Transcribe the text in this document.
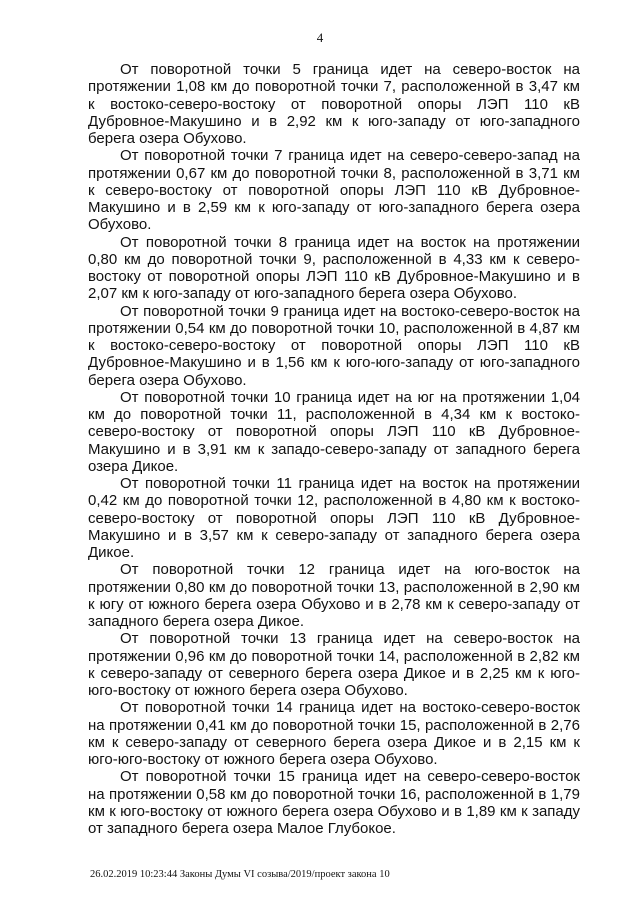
4

От поворотной точки 5 граница идет на северо-восток на протяжении 1,08 км до поворотной точки 7, расположенной в 3,47 км к востоко-северо-востоку от поворотной опоры ЛЭП 110 кВ Дубровное-Макушино и в 2,92 км к юго-западу от юго-западного берега озера Обухово.

От поворотной точки 7 граница идет на северо-северо-запад на протяжении 0,67 км до поворотной точки 8, расположенной в 3,71 км к северо-востоку от поворотной опоры ЛЭП 110 кВ Дубровное-Макушино и в 2,59 км к юго-западу от юго-западного берега озера Обухово.

От поворотной точки 8 граница идет на восток на протяжении 0,80 км до поворотной точки 9, расположенной в 4,33 км к северо-востоку от поворотной опоры ЛЭП 110 кВ Дубровное-Макушино и в 2,07 км к юго-западу от юго-западного берега озера Обухово.

От поворотной точки 9 граница идет на востоко-северо-восток на протяжении 0,54 км до поворотной точки 10, расположенной в 4,87 км к востоко-северо-востоку от поворотной опоры ЛЭП 110 кВ Дубровное-Макушино и в 1,56 км к юго-юго-западу от юго-западного берега озера Обухово.

От поворотной точки 10 граница идет на юг на протяжении 1,04 км до поворотной точки 11, расположенной в 4,34 км к востоко-северо-востоку от поворотной опоры ЛЭП 110 кВ Дубровное-Макушино и в 3,91 км к западо-северо-западу от западного берега озера Дикое.

От поворотной точки 11 граница идет на восток на протяжении 0,42 км до поворотной точки 12, расположенной в 4,80 км к востоко-северо-востоку от поворотной опоры ЛЭП 110 кВ Дубровное-Макушино и в 3,57 км к северо-западу от западного берега озера Дикое.

От поворотной точки 12 граница идет на юго-восток на протяжении 0,80 км до поворотной точки 13, расположенной в 2,90 км к югу от южного берега озера Обухово и в 2,78 км к северо-западу от западного берега озера Дикое.

От поворотной точки 13 граница идет на северо-восток на протяжении 0,96 км до поворотной точки 14, расположенной в 2,82 км к северо-западу от северного берега озера Дикое и в 2,25 км к юго-юго-востоку от южного берега озера Обухово.

От поворотной точки 14 граница идет на востоко-северо-восток на протяжении 0,41 км до поворотной точки 15, расположенной в 2,76 км к северо-западу от северного берега озера Дикое и в 2,15 км к юго-юго-востоку от южного берега озера Обухово.

От поворотной точки 15 граница идет на северо-северо-восток на протяжении 0,58 км до поворотной точки 16, расположенной в 1,79 км к юго-востоку от южного берега озера Обухово и в 1,89 км к западу от западного берега озера Малое Глубокое.

26.02.2019 10:23:44 Законы Думы VI созыва/2019/проект закона 10
